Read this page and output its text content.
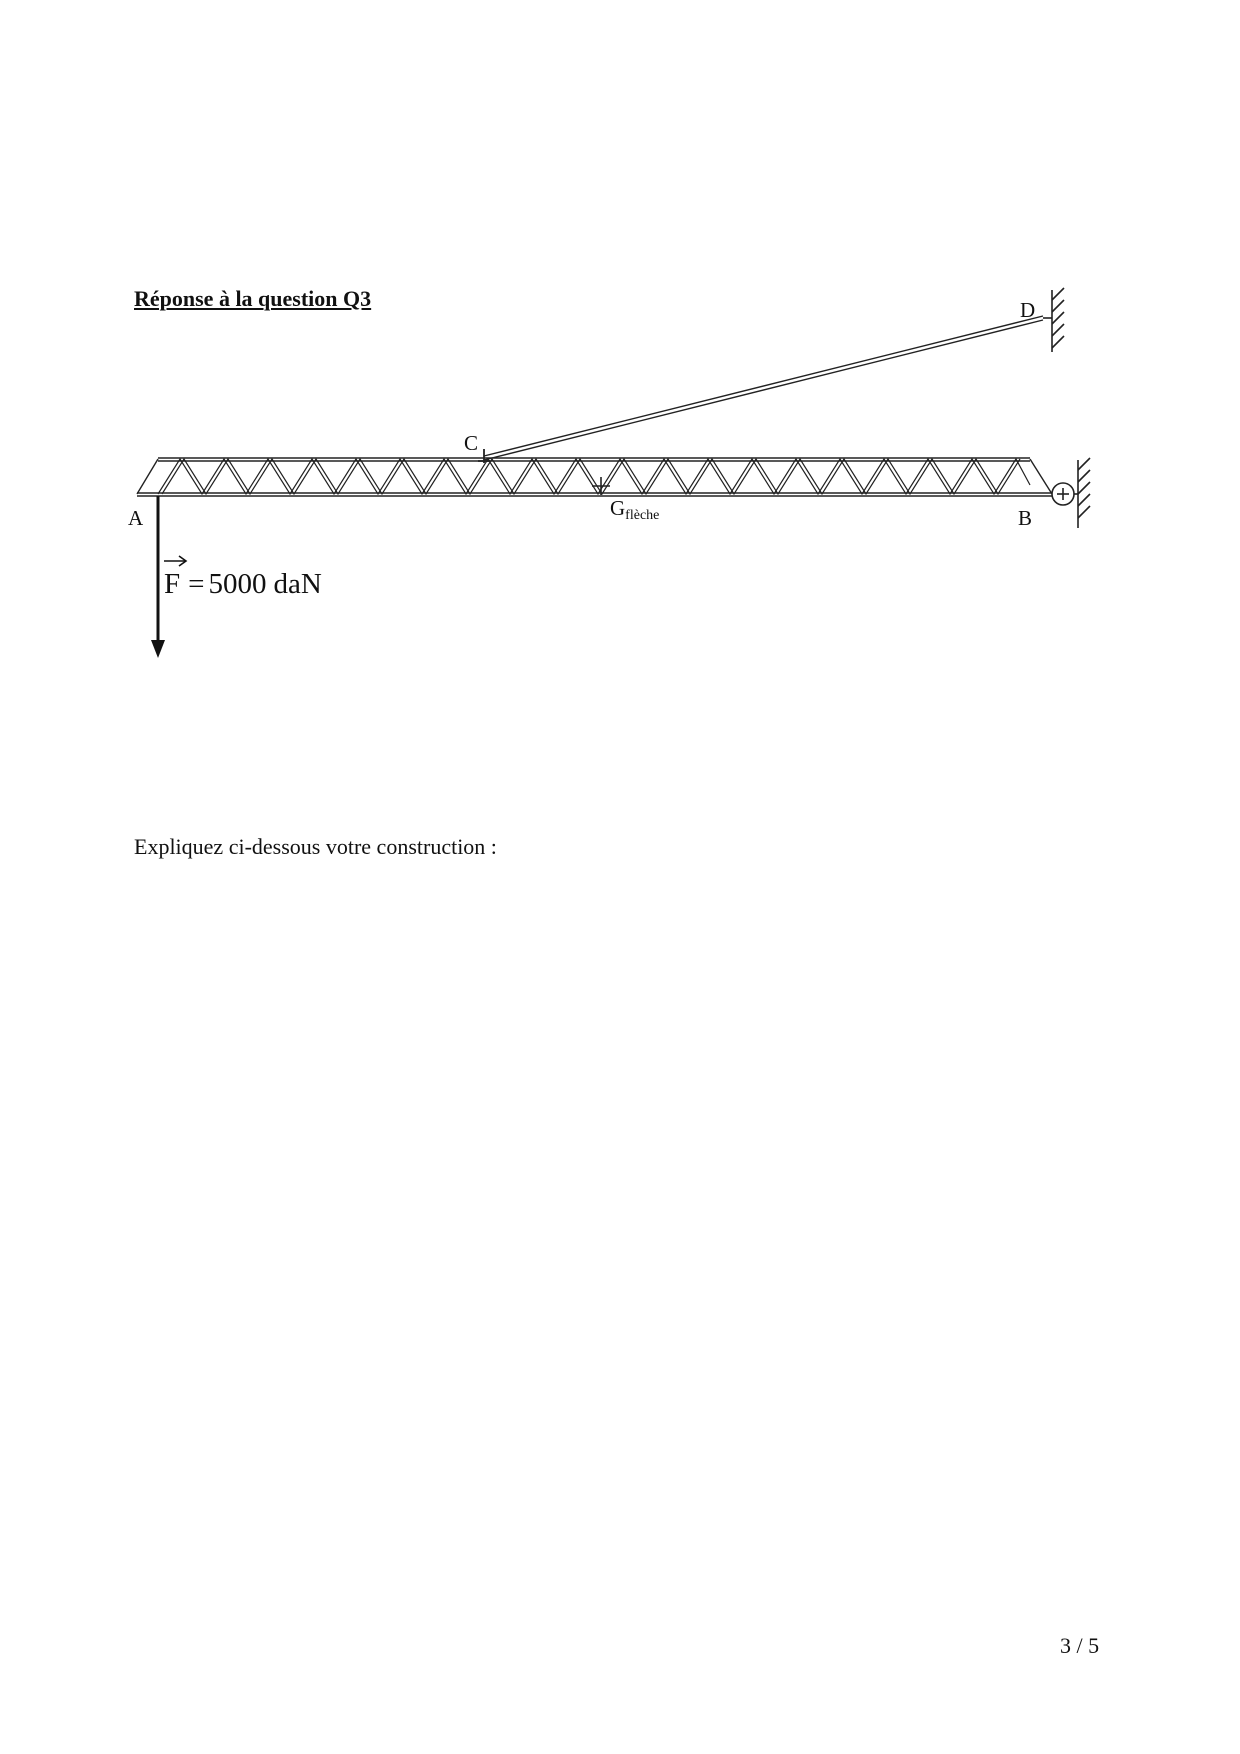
Réponse à la question Q3
A	B
C
D
Gflèche
F = 5000 daN
Expliquez ci-dessous votre construction :
3 / 5
